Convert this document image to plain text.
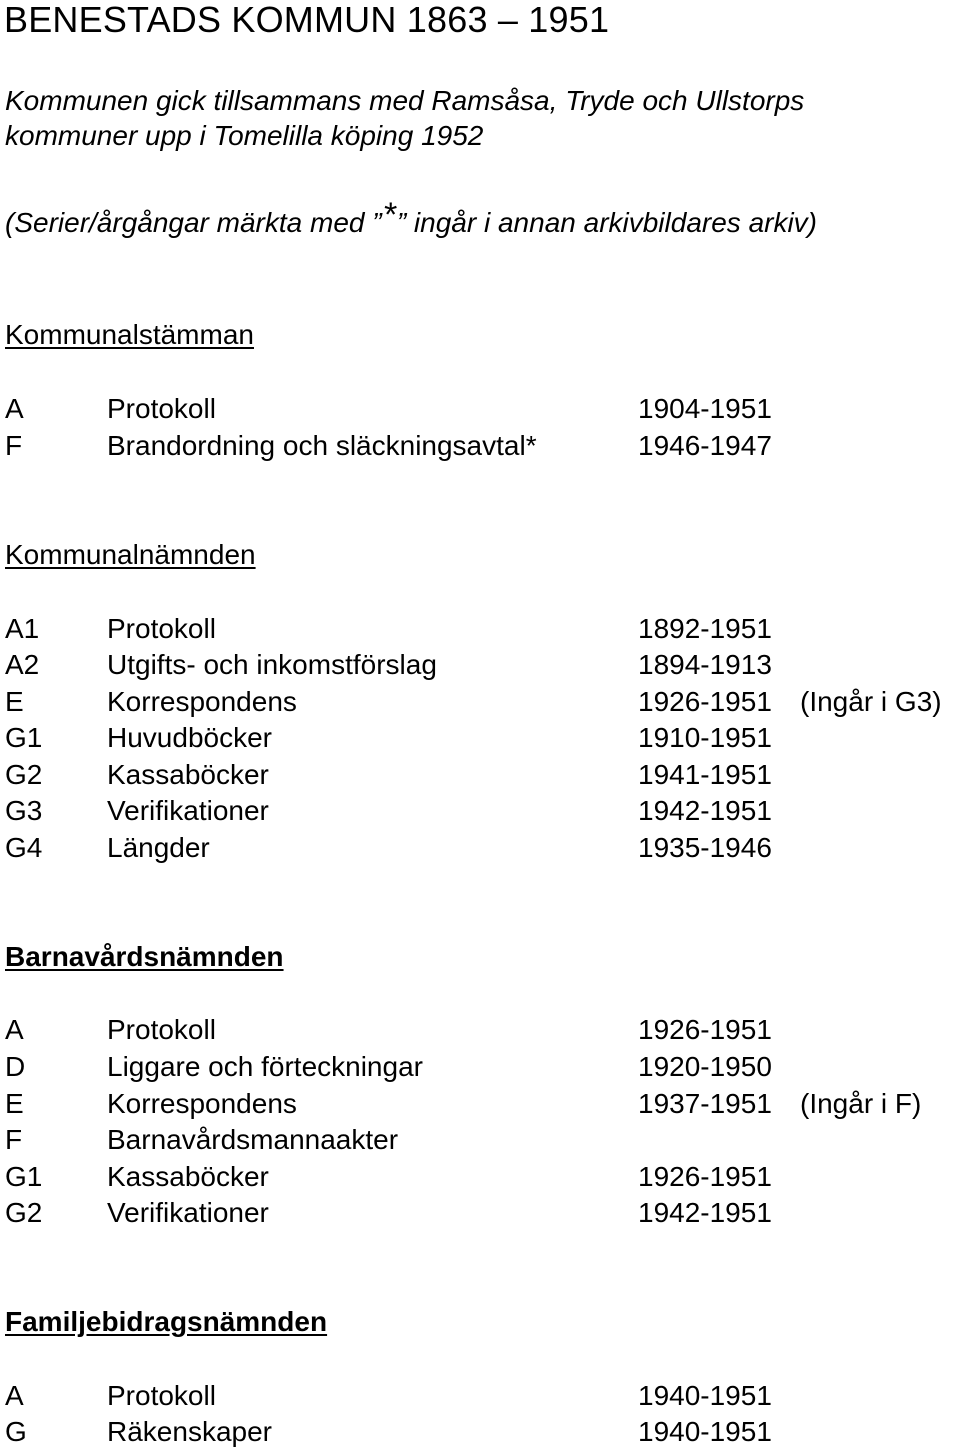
BENESTADS KOMMUN 1863 – 1951
Kommunen gick tillsammans med Ramsåsa, Tryde och Ullstorps
kommuner upp i Tomelilla köping 1952
(Serier/årgångar märkta med ”*” ingår i annan arkivbildares arkiv)
Kommunalstämman
A	Protokoll	1904-1951
F	Brandordning och släckningsavtal*	1946-1947
Kommunalnämnden
A1 Protokoll	1892-1951
A2 Utgifts- och inkomstförslag	1894-1913
E	Korrespondens	1926-1951 (Ingår i G3)
G1 Huvudböcker	1910-1951
G2 Kassaböcker	1941-1951
G3 Verifikationer	1942-1951
G4 Längder	1935-1946
Barnavårdsnämnden
A	Protokoll	1926-1951
D	Liggare och förteckningar	1920-1950
E	Korrespondens	1937-1951 (Ingår i F)
F	Barnavårdsmannaakter
G1 Kassaböcker	1926-1951
G2 Verifikationer	1942-1951
Familjebidragsnämnden
A	Protokoll	1940-1951
G	Räkenskaper	1940-1951
